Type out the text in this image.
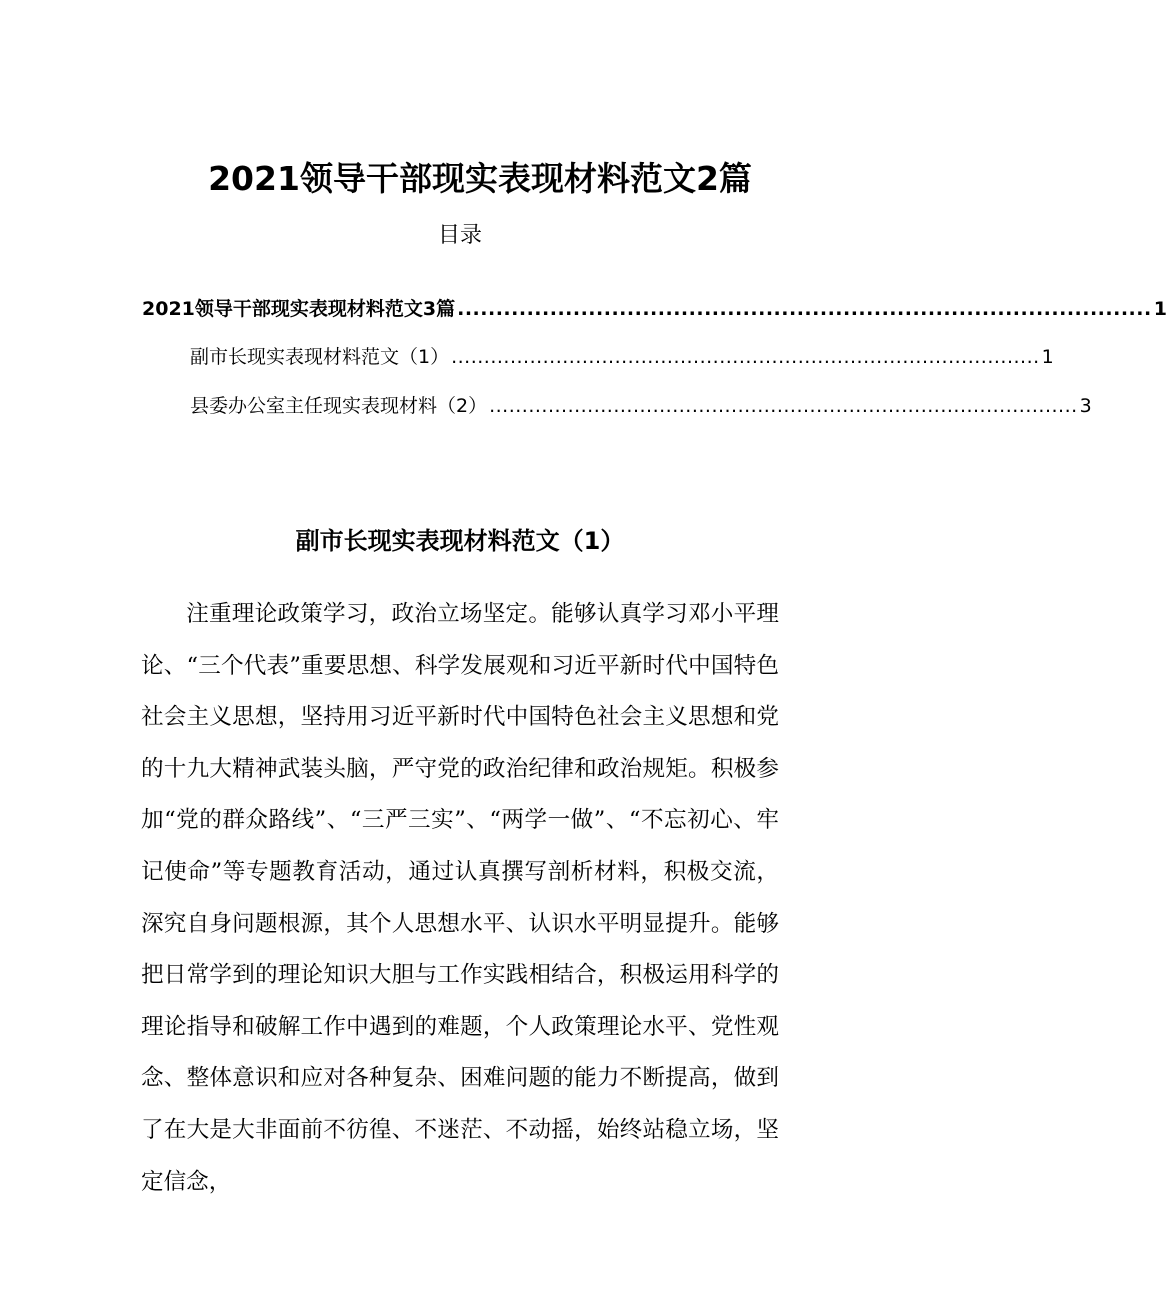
2021领导干部现实表现材料范文2篇
目录
2021领导干部现实表现材料范文3篇 .......................................................................................... 1
副市长现实表现材料范文（1） .......................................................................................... 1
县委办公室主任现实表现材料（2） .......................................................................................... 3
副市长现实表现材料范文（1）

注重理论政策学习，政治立场坚定。能够认真学习邓小平理论、“三个代表”重要思想、科学发展观和习近平新时代中国特色社会主义思想，坚持用习近平新时代中国特色社会主义思想和党的十九大精神武装头脑，严守党的政治纪律和政治规矩。积极参加“党的群众路线”、“三严三实”、“两学一做”、“不忘初心、牢记使命”等专题教育活动，通过认真撰写剖析材料，积极交流，深究自身问题根源，其个人思想水平、认识水平明显提升。能够把日常学到的理论知识大胆与工作实践相结合，积极运用科学的理论指导和破解工作中遇到的难题，个人政策理论水平、党性观念、整体意识和应对各种复杂、困难问题的能力不断提高，做到了在大是大非面前不彷徨、不迷茫、不动摇，始终站稳立场，坚定信念，
